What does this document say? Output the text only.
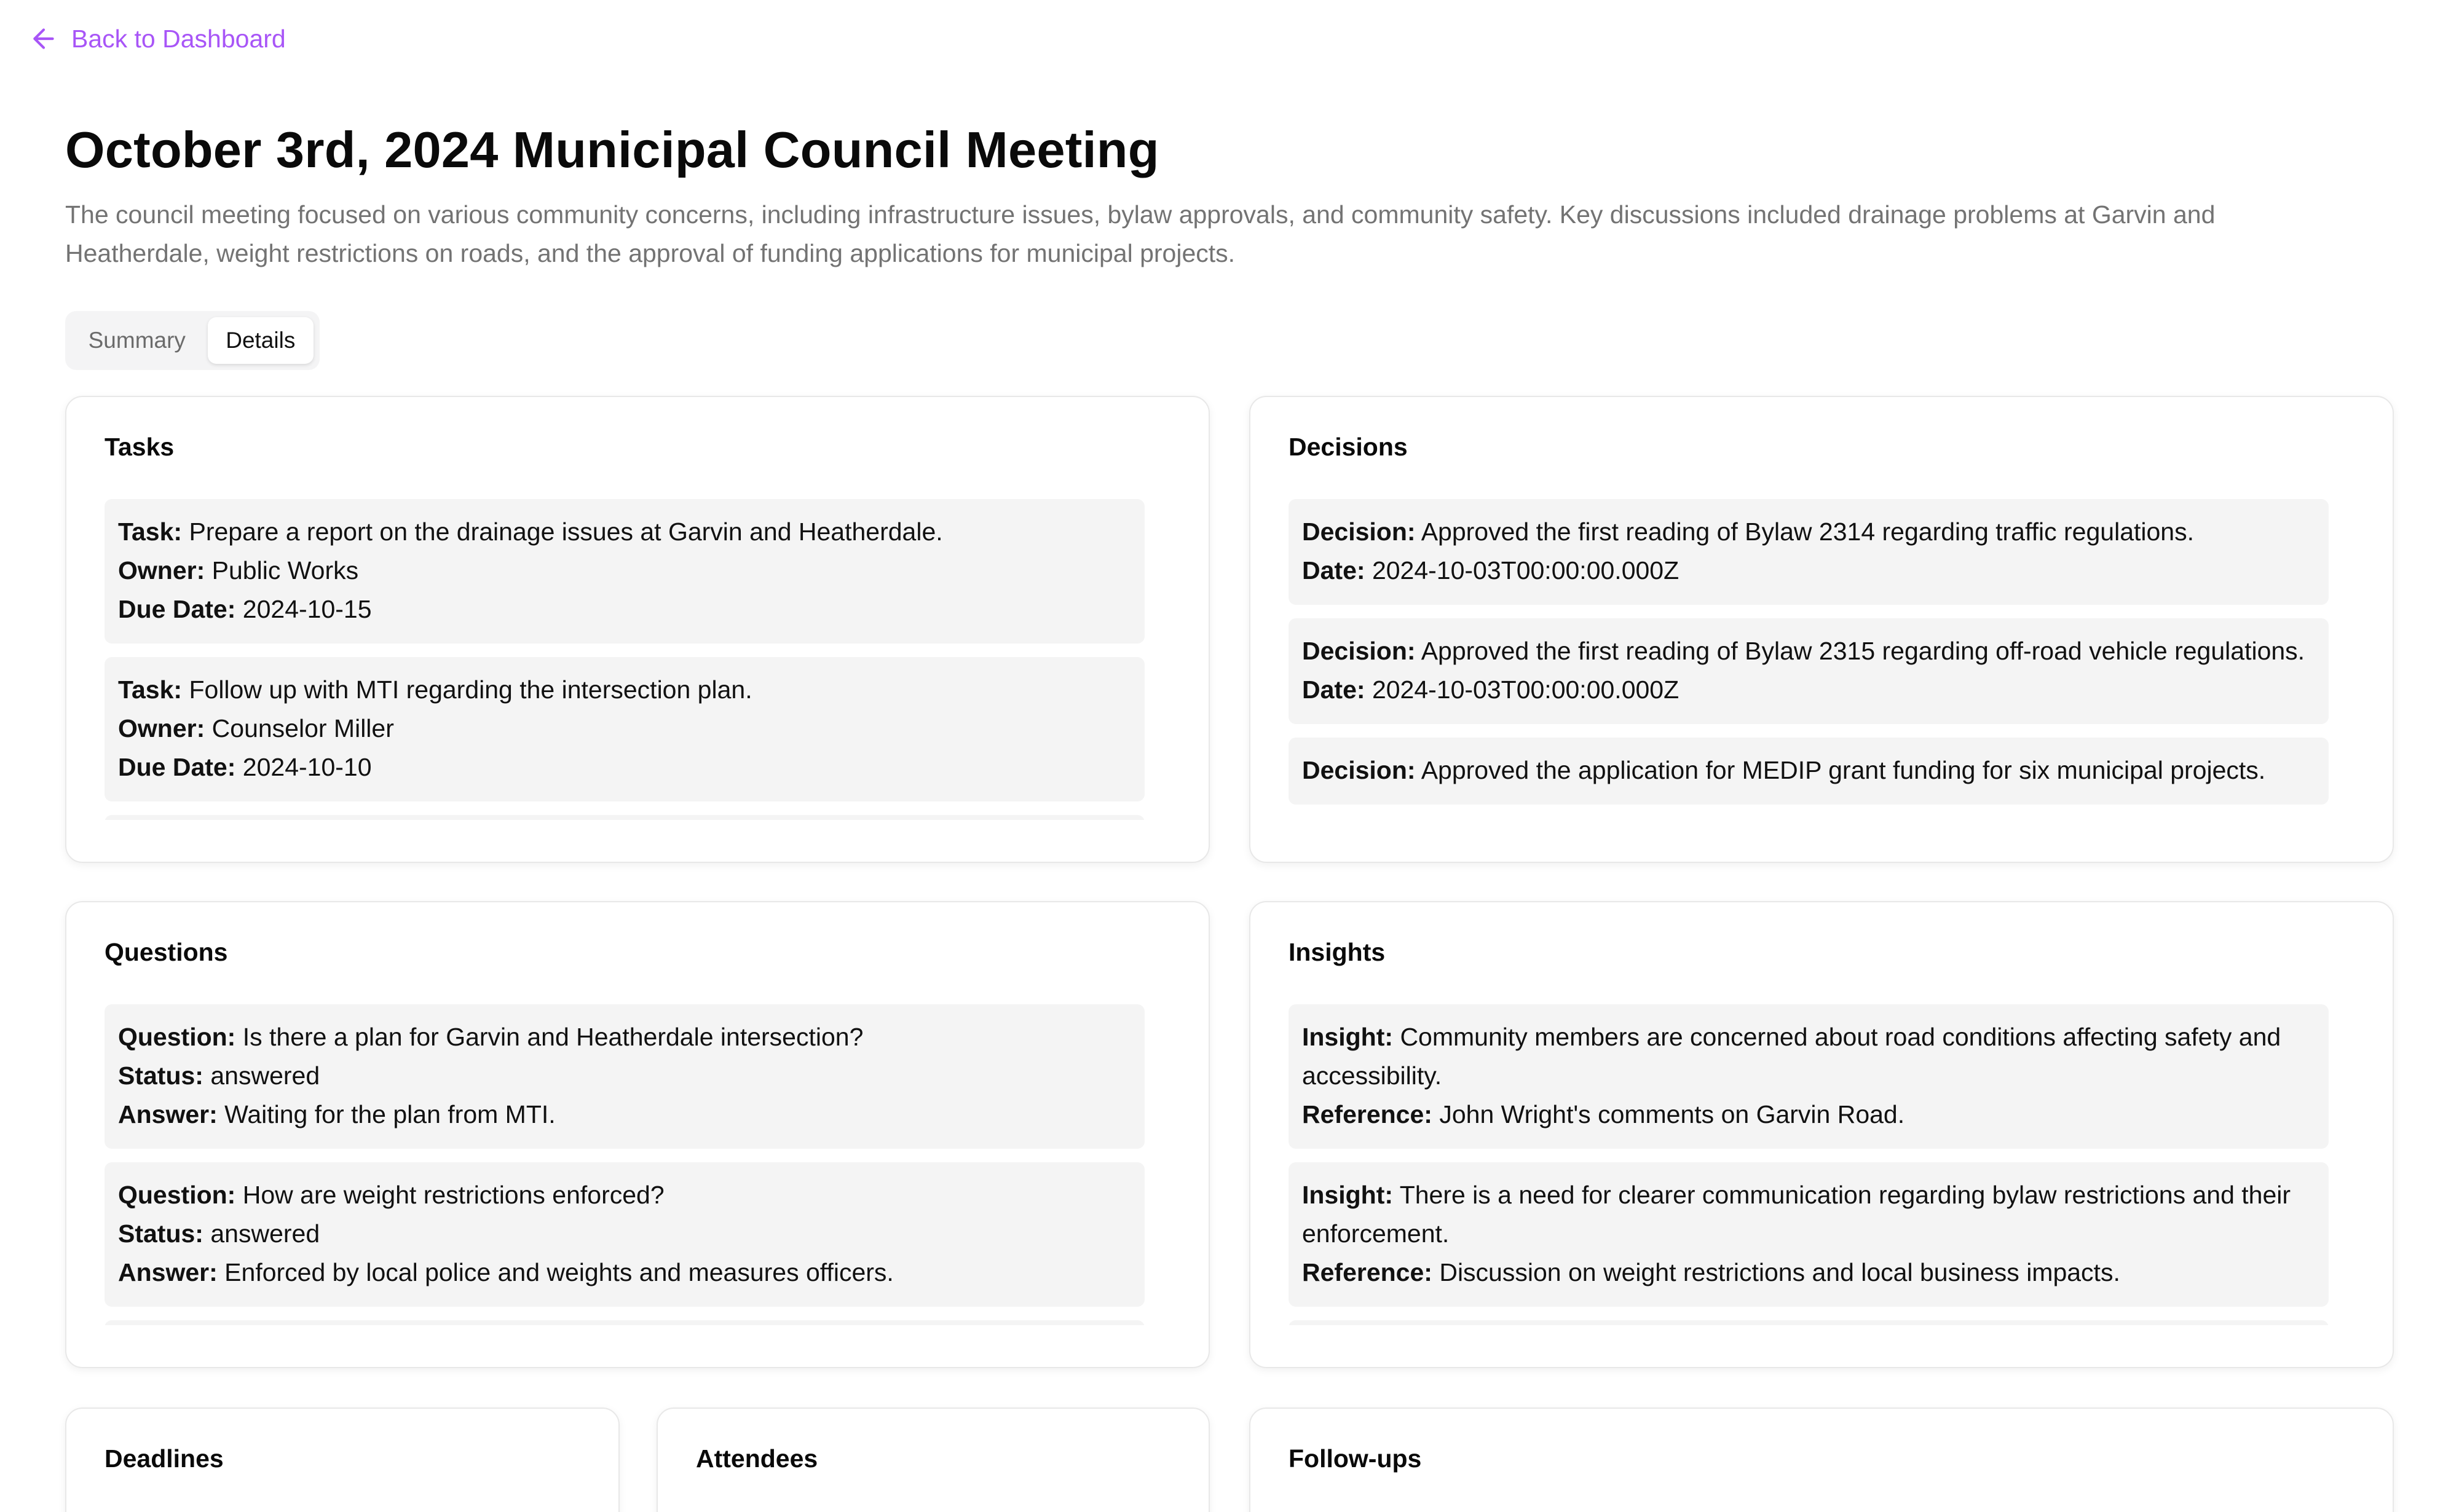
Back to Dashboard
October 3rd, 2024 Municipal Council Meeting

The council meeting focused on various community concerns, including infrastructure issues, bylaw approvals, and community safety. Key discussions included drainage problems at Garvin and Heatherdale, weight restrictions on roads, and the approval of funding applications for municipal projects.

Summary	Details
Tasks
Task: Prepare a report on the drainage issues at Garvin and Heatherdale.
Owner: Public Works
Due Date: 2024-10-15
Task: Follow up with MTI regarding the intersection plan.
Owner: Counselor Miller
Due Date: 2024-10-10
Decisions
Decision: Approved the first reading of Bylaw 2314 regarding traffic regulations.
Date: 2024-10-03T00:00:00.000Z
Decision: Approved the first reading of Bylaw 2315 regarding off-road vehicle regulations.
Date: 2024-10-03T00:00:00.000Z
Decision: Approved the application for MEDIP grant funding for six municipal projects.
Questions
Question: Is there a plan for Garvin and Heatherdale intersection?
Status: answered
Answer: Waiting for the plan from MTI.
Question: How are weight restrictions enforced?
Status: answered
Answer: Enforced by local police and weights and measures officers.
Insights
Insight: Community members are concerned about road conditions affecting safety and accessibility.
Reference: John Wright's comments on Garvin Road.
Insight: There is a need for clearer communication regarding bylaw restrictions and their enforcement.
Reference: Discussion on weight restrictions and local business impacts.
Deadlines	Attendees	Follow-ups
